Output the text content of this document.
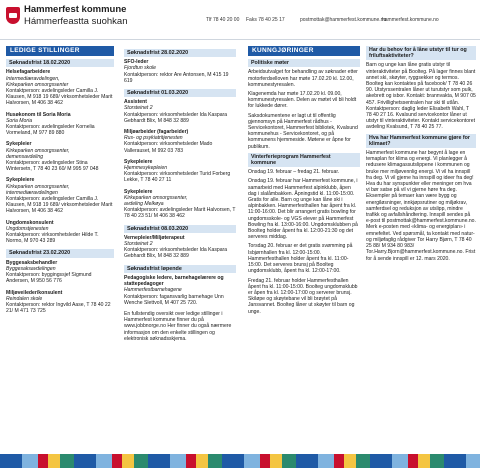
Hammerfest kommune
Hámmerfeastta suohkan	Tlf 78 40 20 00 Faks 78 40 25 17	postmottak@hammerfest.kommune.no
hammerfest.kommune.no
LEDIGE STILLINGER
Søknadsfrist 18.02.2020
Helsefagarbeidere
Intermediæravdelingen,
Kirkeparken omsorgssenter
Kontaktperson: avdelingsleder Camilla J. Klausen, M 918 19 689/ virksomhetsleder Marit Halvorsen, M 406 38 462
Husøkonom til Soria Moria
Soria Moria
Kontaktperson: avdelingsleder Kornelia Vormeland, M 977 89 880
Sykepleier
Kirkeparken omsorgssenter,
demensavdeling
Kontaktperson: avdelingsleder Stina Wintersetn, T 78 40 23 60/ M 995 97 048
Sykepleiere
Kirkeparken omsorgssenter,
intermediæravdelingen
Kontaktperson: avdelingsleder Camilla J. Klausen, M 918 19 689/ virksomhetsleder Marit Halvorsen, M 406 38 462
Ungdomskonsulent
Ungdomstjenesten
Kontaktperson: virksomhetsleder Hilde T. Normo, M 970 43 289
Søknadsfrist 23.02.2020
Byggesaksbehandler
Byggesaksavdelingen
Kontaktperson: byggingssjef Sigmund Andersen, M 950 56 776
Miljøveileder/konsulent
Reindalen skole
Kontaktperson: rektor Ingvild Aase, T 78 40 22 21/ M 471 73 725
Søknadsfrist 28.02.2020
SFO-leder
Fjordtun skole
Kontaktperson: rektor Are Antonsen, M 415 19 619
Søknadsfrist 01.03.2020
Assistent
Storsteinet 2
Kontaktperson: virksomhetsleder Ida Kaspara Gebhardt Blix, M 848 32 889
Miljøarbeider (fagarbeider)
Rus- og psykiatritjenesten
Kontaktperson: virksomhetsleder Mado Vallerauset, M 992 03 783
Sykepleiere
Hjemmesykepleien
Kontaktperson: virksomhetsleder Turid Forberg Lekke, T 78 40 27 11
Sykepleiere
Kirkeparken omsorgssenter,
avdeling Melkøya
Kontaktperson: avdelingsleder Marit Halvorsen, T 78 40 23 51/ M 406 38 462
Søknadsfrist 08.03.2020
Vernepleier/Miljøterapeut
Storsteinet 2
Kontaktperson: virksomhetsleder Ida Kaspara Gebhardt Blix, M 848 32 889
Søknadsfrist løpende
Pedagogiske ledere, barnehagelærere og stattepedagoger
Hammerfestbarnehagene
Kontaktperson: fagansvarlig barnehage Unn Wenche Slettvoll, M 407 25 720.
En fullstendig oversikt over ledige stillinger i Hammerfest kommune finner du på www.jobbnorge.no Her finner du også nærmere informasjon om den enkelte stillingen og elektronisk søknadsskjema.
KUNNGJØRINGER
Politiske møter
Arbeidsutvalget for behandling av søknader etter motorferdselloven har møte 17.02.20 kl. 12.00, kommunestyresalen.
Klagenemda har møte 17.02.20 kl. 09.00, kommunestyresalen. Delen av møtet vil bli holdt for lukkede dører.
Saksdokumentene er lagt ut til offentlig gjennomsyn på Hammerfest rådhus - Servicekontoret, Hammerfest bibliotek, Kvalsund kommunehus - Servicekontoret, og på kommunens hjemmeside. Møtene er åpne for publikum.
Vinterferieprogram Hammerfest kommune
Onsdag 19. februar – fredag 21. februar.
Onsdag 19. februar har Hammerfest kommune, i samarbeid med Hammerfest alpinklubb, åpen dag i slalåmbakken. Åpningstid kl. 11:00-15:00. Gratis for alle. Barn og unge kan låne ski i alpinbakken. Hammerfesthallen har åpent fra kl. 11:00-16:00. Det blir arrangert gratis bowling for ungdomsskole- og VGS elever på Hammerfest Bowling fra kl. 13:00-16:00. Ungdomsklubben på Boolteg holder åpent fra kl. 12:00-21:30 og det serveres middag.
Torsdag 20. februar er det gratis svømming på Isbjørnhallen fra kl. 12:00-15:00. Hammerfesthallen holder åpent fra kl. 11:00-15:00. Det serveres brunsj på Boolteg ungdomsklubb, åpent fra kl. 12:00-17:00.
Fredag 21. februar holder Hammerfesthallen åpent fra kl. 11:00-15:00. Boolteg ungdomsklubb er åpen fra kl. 12:00-17:00 og serverer brunsj. Skiløpe og skøytebane vil bli brøytet på Jansvannet. Boolteg låner ut skøyter til barn og unge.
Har du behov for å låne utstyr til tur og friluftsaktiviteter?
Barn og unge kan låne gratis utstyr til vinteraktiviteter på Boolteg. På lager finnes blant annet ski, skøyter, ryggsekker og termos. Boolteg kan kontaktes på facebook/ T 78 40 26 90. Utstyrssentralen låner ut turutstyr som pulk, akebrett og isbor. Kontakt: brannvakta, M 907 05 457. Frivillighetssentralen har ski til utlån. Kontaktperson: daglig leder Elisabeth Wahl, T 78 40 27 16. Kvalsund servicekontor låner ut utstyr til vinteraktiviteter. Kontakt servicekontoret avdeling Kvalsund, T 78 40 25 77.
Hva har Hammerfest kommune gjøre for klimaet?
Hammerfest kommune har begynt å lage en temaplan for klima og energi. Vi planlegger å redusere klimagassutslippene i kommunen og bruke mer miljøvennlig energi. Vi vil ha innspill fra deg. Vi vil gjerne ha innspill og ideer fra deg! Hva du har synspunkter eller meninger om hva vi bør satse på vil vi gjerne høre fra deg. Eksempler på temaer kan være bygg og energiløsninger, innkjøpsrutiner og miljøkrav, samferdsel og reduksjon av utslipp, mindre trafikk og avfallshåndtering. Innspill sendes på e-post til postmottak@hammerfest.kommune.no. Merk e-posten med «klima- og energiplan» i emnefeltet. Ved spørsmål, ta kontakt med natur- og miljøfaglig rådgiver Tor Harry Bjørn, T 78 40 25 88/ M 934 80 983/ Tor.Harry.Bjorn@hammerfest.kommune.no. Frist for å sende innspill er 12. mars 2020.
